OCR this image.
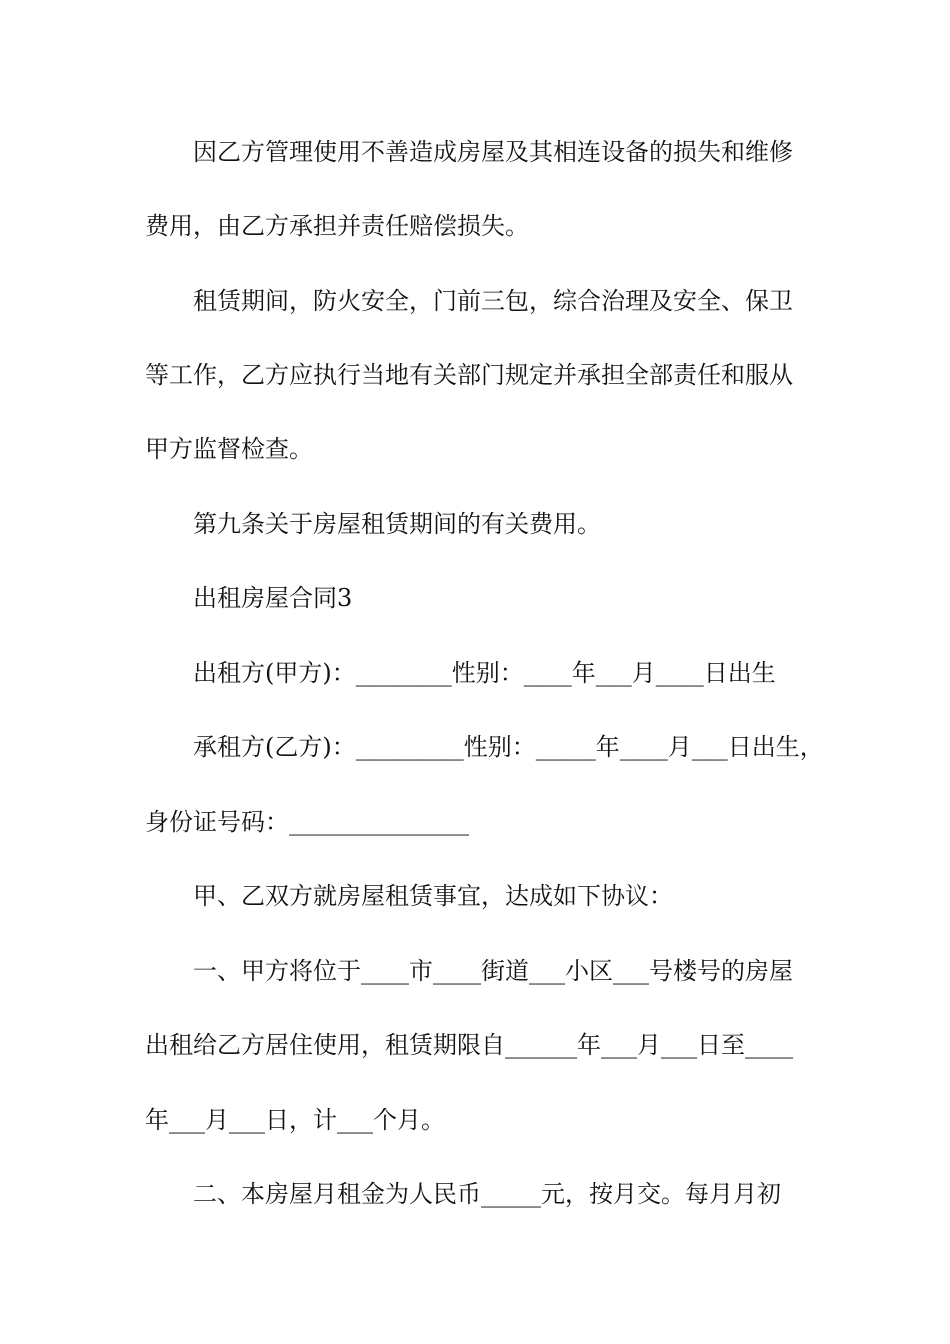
因乙方管理使用不善造成房屋及其相连设备的损失和维修
费用，由乙方承担并责任赔偿损失。
租赁期间，防火安全，门前三包，综合治理及安全、保卫
等工作，乙方应执行当地有关部门规定并承担全部责任和服从
甲方监督检查。
第九条关于房屋租赁期间的有关费用。
出租房屋合同3
出租方(甲方)：________性别：____年___月____日出生
承租方(乙方)：_________性别：_____年____月___日出生，
身份证号码：_______________
甲、乙双方就房屋租赁事宜，达成如下协议：
一、甲方将位于____市____街道___小区___号楼号的房屋
出租给乙方居住使用，租赁期限自______年___月___日至____
年___月___日，计___个月。
二、本房屋月租金为人民币_____元，按月交。每月月初
